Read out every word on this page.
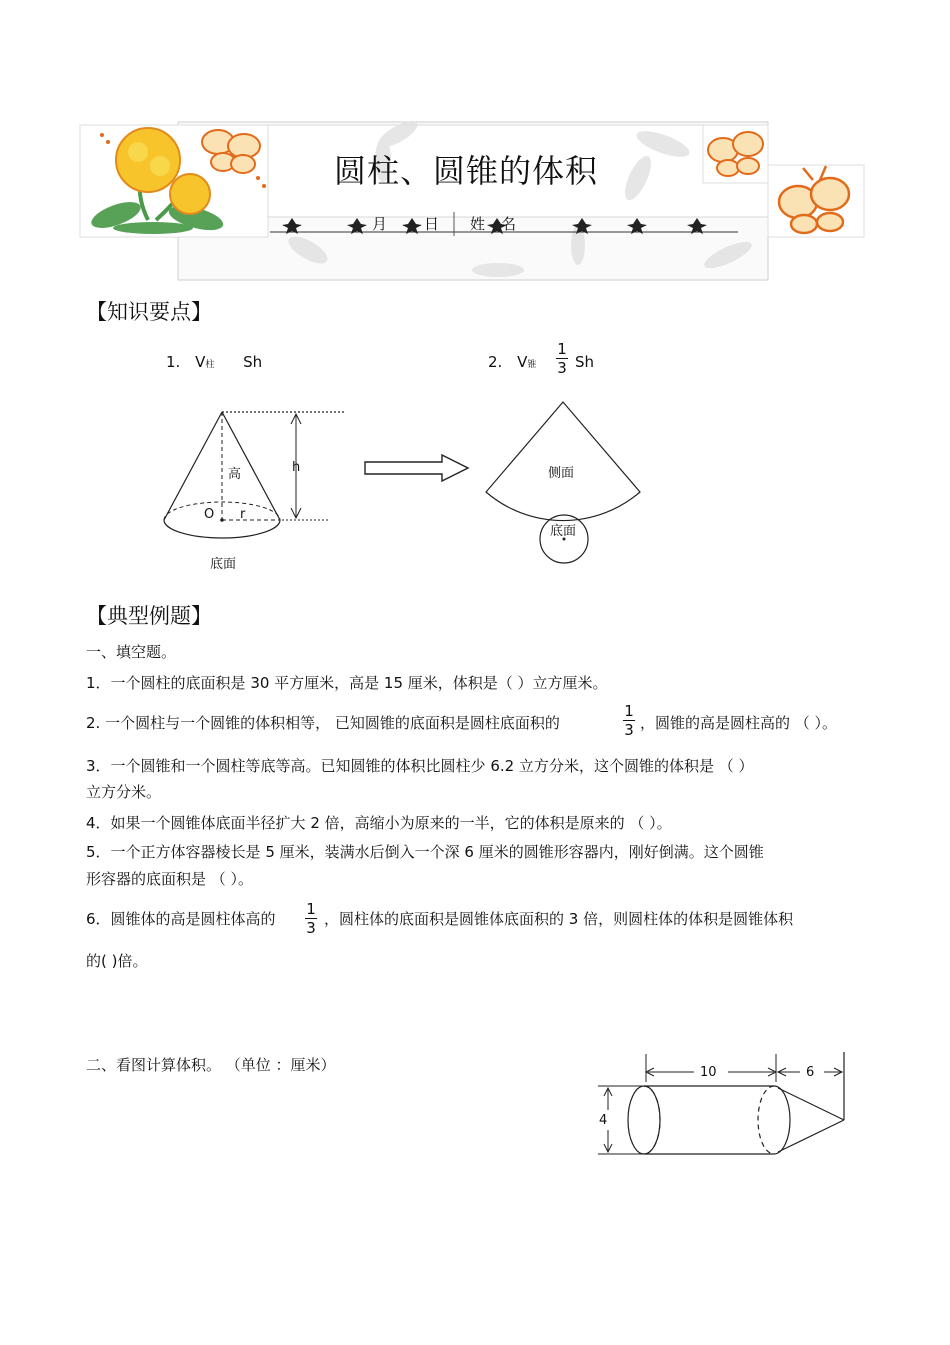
圆柱、圆锥的体积
月 日 姓名
【知识要点】
1. V柱 Sh	2. V锥
1
3 Sh
高	h
O r
底面
侧面
底面
【典型例题】
一、填空题。
1．一个圆柱的底面积是 30 平方厘米，高是 15 厘米，体积是（ ）立方厘米。
2. 一个圆柱与一个圆锥的体积相等， 已知圆锥的底面积是圆柱底面积的
1
3 ，圆锥的高是圆柱高的 （ ）。
3．一个圆锥和一个圆柱等底等高。已知圆锥的体积比圆柱少 6.2 立方分米，这个圆锥的体积是 （ ）
立方分米。
4．如果一个圆锥体底面半径扩大 2 倍，高缩小为原来的一半，它的体积是原来的 （ ）。
5．一个正方体容器棱长是 5 厘米，装满水后倒入一个深 6 厘米的圆锥形容器内，刚好倒满。这个圆锥
形容器的底面积是 （ ）。
6．圆锥体的高是圆柱体高的
1
3 ，圆柱体的底面积是圆锥体底面积的 3 倍，则圆柱体的体积是圆锥体积
的( )倍。
二、看图计算体积。 （单位 ：厘米）	10	6
4
